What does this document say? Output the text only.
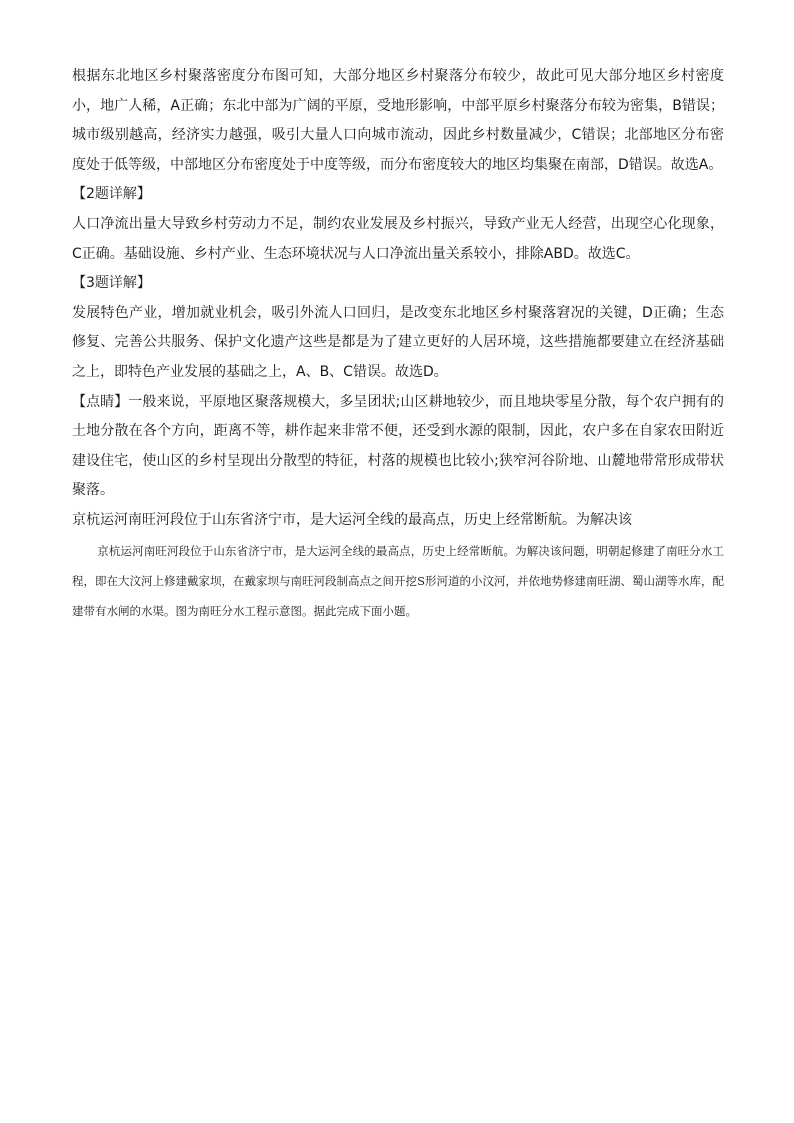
根据东北地区乡村聚落密度分布图可知，大部分地区乡村聚落分布较少，故此可见大部分地区乡村密度小，地广人稀，A正确；东北中部为广阔的平原，受地形影响，中部平原乡村聚落分布较为密集，B错误；城市级别越高，经济实力越强，吸引大量人口向城市流动，因此乡村数量减少，C错误；北部地区分布密度处于低等级，中部地区分布密度处于中度等级，而分布密度较大的地区均集聚在南部，D错误。故选A。

【2题详解】

人口净流出量大导致乡村劳动力不足，制约农业发展及乡村振兴，导致产业无人经营，出现空心化现象，C正确。基础设施、乡村产业、生态环境状况与人口净流出量关系较小，排除ABD。故选C。

【3题详解】

发展特色产业，增加就业机会，吸引外流人口回归，是改变东北地区乡村聚落窘况的关键，D正确；生态修复、完善公共服务、保护文化遗产这些是都是为了建立更好的人居环境，这些措施都要建立在经济基础之上，即特色产业发展的基础之上，A、B、C错误。故选D。

【点睛】一般来说，平原地区聚落规模大，多呈团状;山区耕地较少，而且地块零星分散，每个农户拥有的土地分散在各个方向，距离不等，耕作起来非常不便，还受到水源的限制，因此，农户多在自家农田附近建设住宅，使山区的乡村呈现出分散型的特征，村落的规模也比较小;狭窄河谷阶地、山麓地带常形成带状聚落。

京杭运河南旺河段位于山东省济宁市，是大运河全线的最高点，历史上经常断航。为解决该

京杭运河南旺河段位于山东省济宁市，是大运河全线的最高点，历史上经常断航。为解决该问题，明朝起修建了南旺分水工程，即在大汶河上修建戴家坝，在戴家坝与南旺河段制高点之间开挖S形河道的小汶河，并依地势修建南旺湖、蜀山湖等水库，配建带有水闸的水渠。图为南旺分水工程示意图。据此完成下面小题。
